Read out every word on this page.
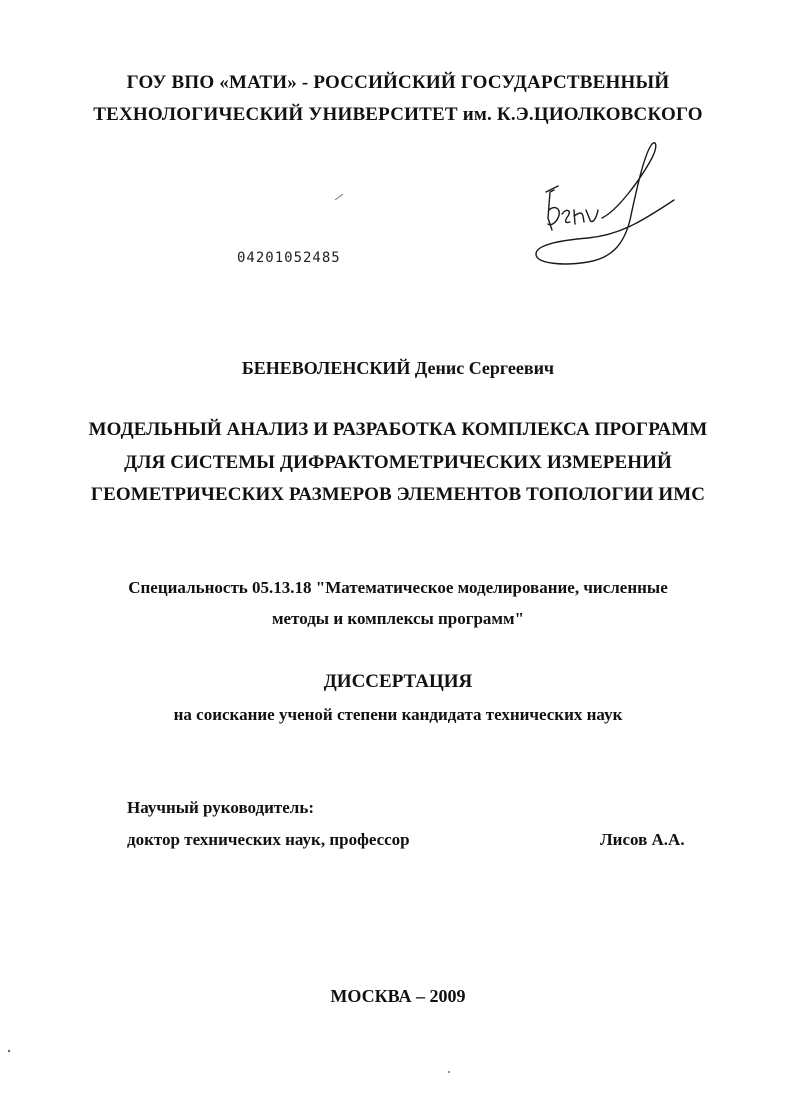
ГОУ ВПО «МАТИ» - РОССИЙСКИЙ ГОСУДАРСТВЕННЫЙ
ТЕХНОЛОГИЧЕСКИЙ УНИВЕРСИТЕТ им. К.Э.ЦИОЛКОВСКОГО
04201052485
БЕНЕВОЛЕНСКИЙ Денис Сергеевич
МОДЕЛЬНЫЙ АНАЛИЗ И РАЗРАБОТКА КОМПЛЕКСА ПРОГРАММ
ДЛЯ СИСТЕМЫ ДИФРАКТОМЕТРИЧЕСКИХ ИЗМЕРЕНИЙ
ГЕОМЕТРИЧЕСКИХ РАЗМЕРОВ ЭЛЕМЕНТОВ ТОПОЛОГИИ ИМС
Специальность 05.13.18 "Математическое моделирование, численные
методы и комплексы программ"
ДИССЕРТАЦИЯ
на соискание ученой степени кандидата технических наук
Научный руководитель:
доктор технических наук, профессор	Лисов А.А.
МОСКВА – 2009
